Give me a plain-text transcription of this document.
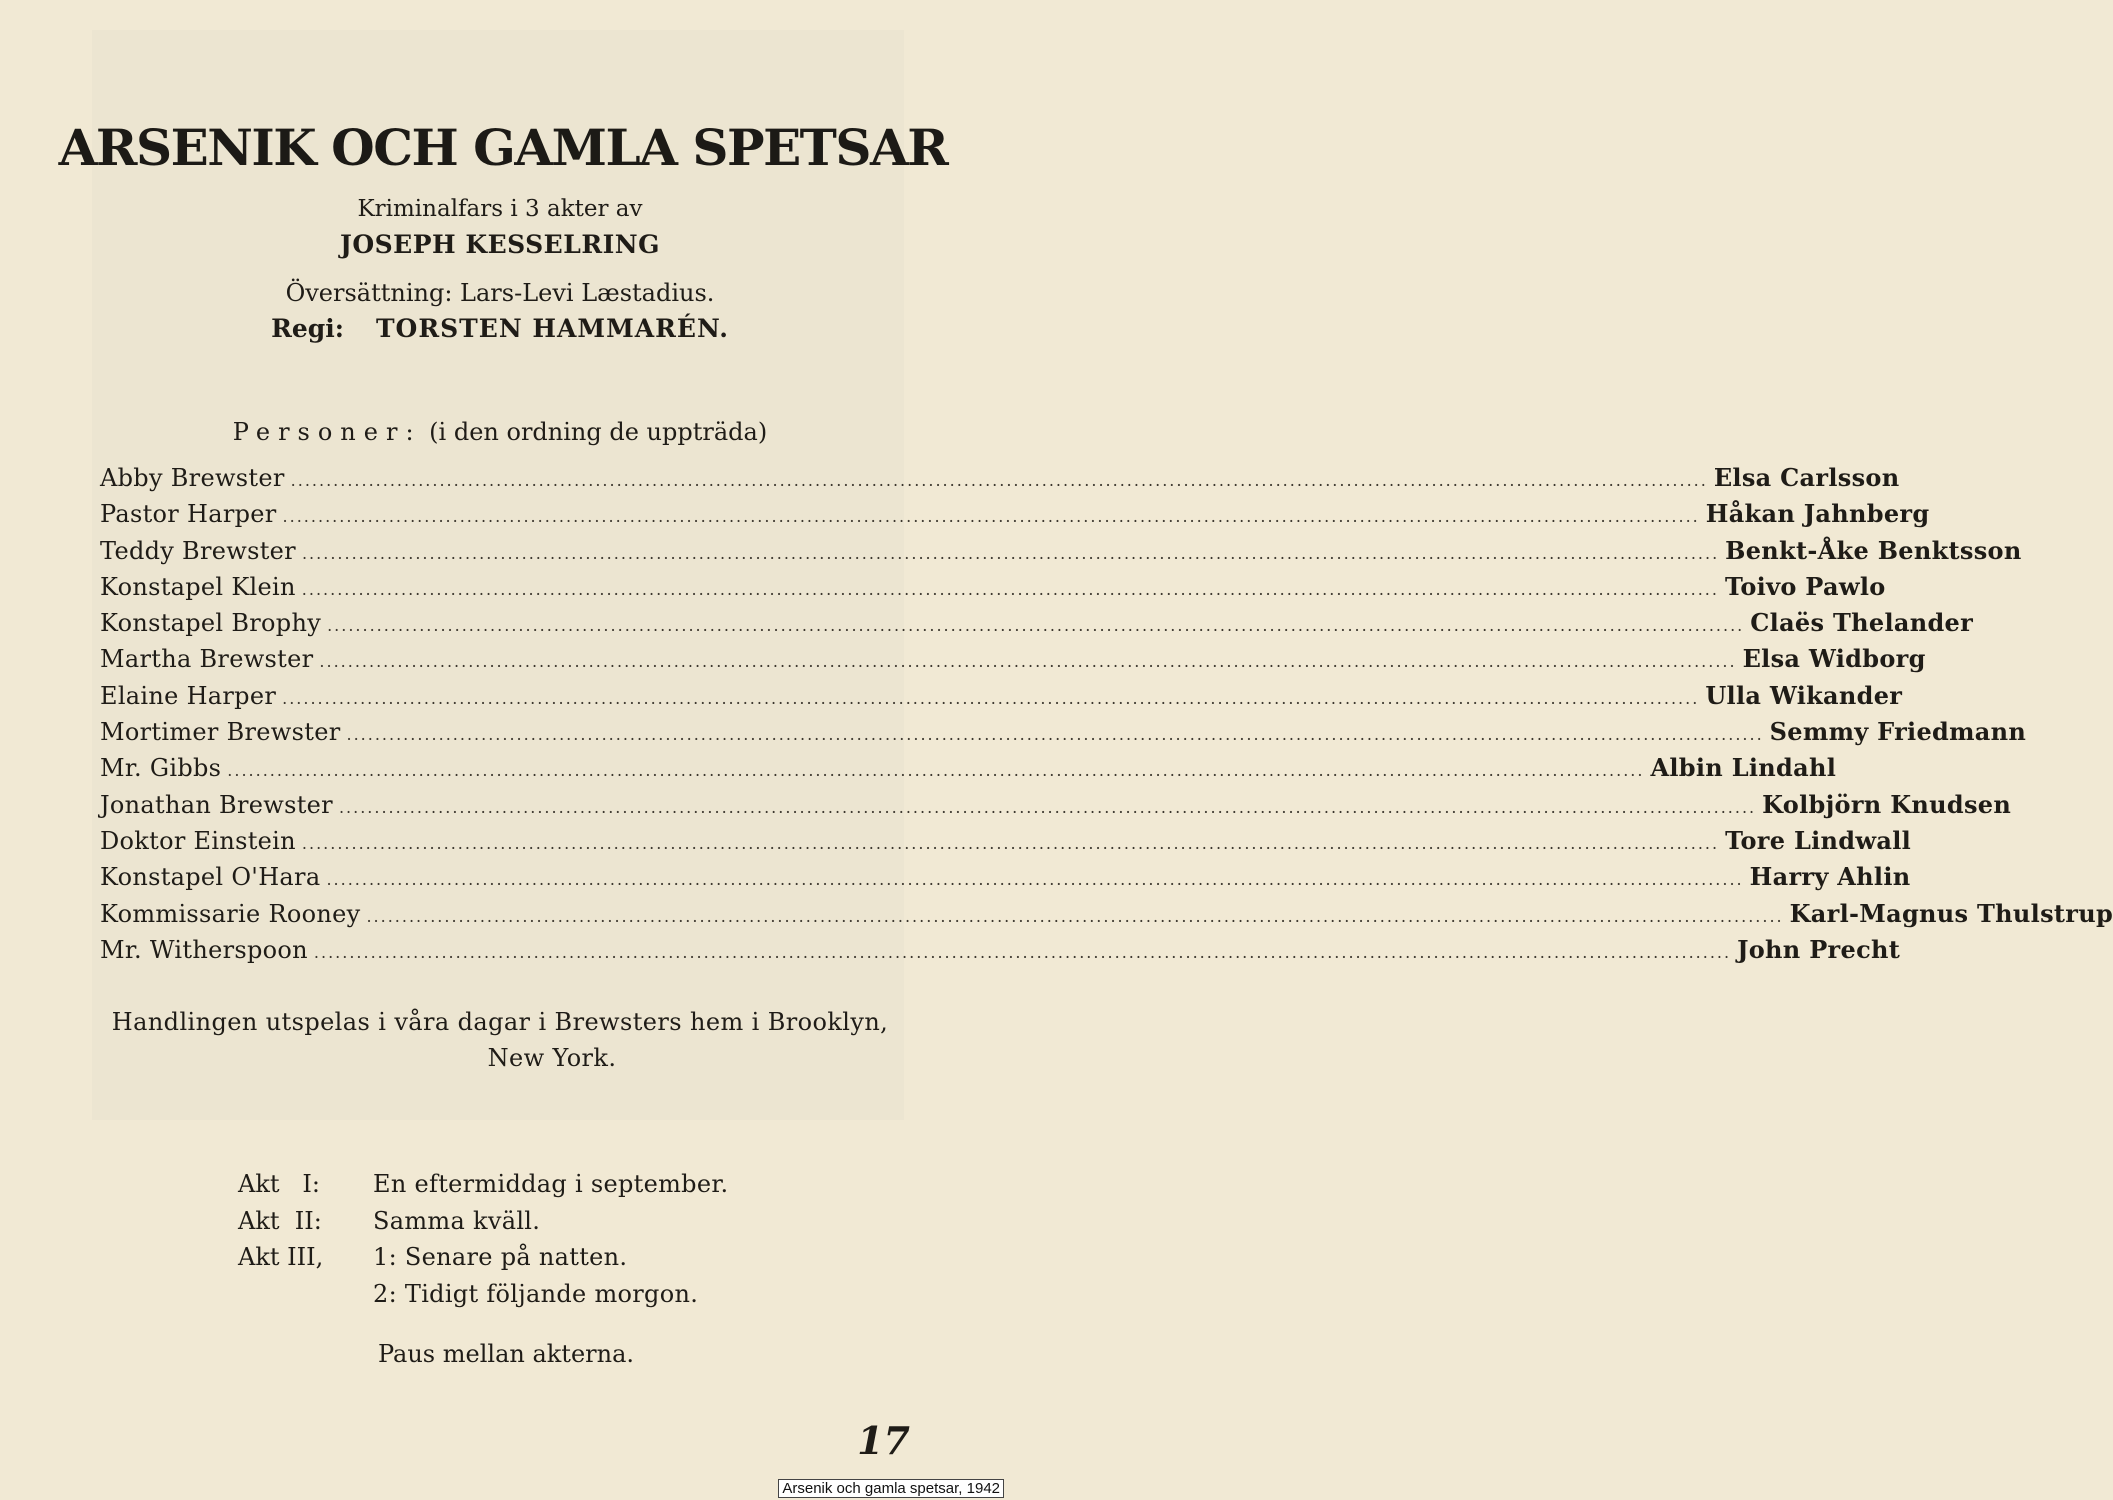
ARSENIK OCH GAMLA SPETSAR
Kriminalfars i 3 akter av
JOSEPH KESSELRING
Översättning: Lars-Levi Læstadius.
Regi: TORSTEN HAMMARÉN.
Personer: (i den ordning de uppträda)
Abby Brewster ........................................................................................................................................................................................................ Elsa Carlsson
Pastor Harper ........................................................................................................................................................................................................ Håkan Jahnberg
Teddy Brewster ........................................................................................................................................................................................................ Benkt-Åke Benktsson
Konstapel Klein ........................................................................................................................................................................................................ Toivo Pawlo
Konstapel Brophy ........................................................................................................................................................................................................ Claës Thelander
Martha Brewster ........................................................................................................................................................................................................ Elsa Widborg
Elaine Harper ........................................................................................................................................................................................................ Ulla Wikander
Mortimer Brewster ........................................................................................................................................................................................................ Semmy Friedmann
Mr. Gibbs ........................................................................................................................................................................................................ Albin Lindahl
Jonathan Brewster ........................................................................................................................................................................................................ Kolbjörn Knudsen
Doktor Einstein ........................................................................................................................................................................................................ Tore Lindwall
Konstapel O'Hara ........................................................................................................................................................................................................ Harry Ahlin
Kommissarie Rooney ........................................................................................................................................................................................................ Karl-Magnus Thulstrup
Mr. Witherspoon ........................................................................................................................................................................................................ John Precht
Handlingen utspelas i våra dagar i Brewsters hem i Brooklyn,
New York.
Akt   I:	En eftermiddag i september.
Akt  II:	Samma kväll.
Akt III,	1: Senare på natten.
2: Tidigt följande morgon.
Paus mellan akterna.
17
Arsenik och gamla spetsar, 1942
